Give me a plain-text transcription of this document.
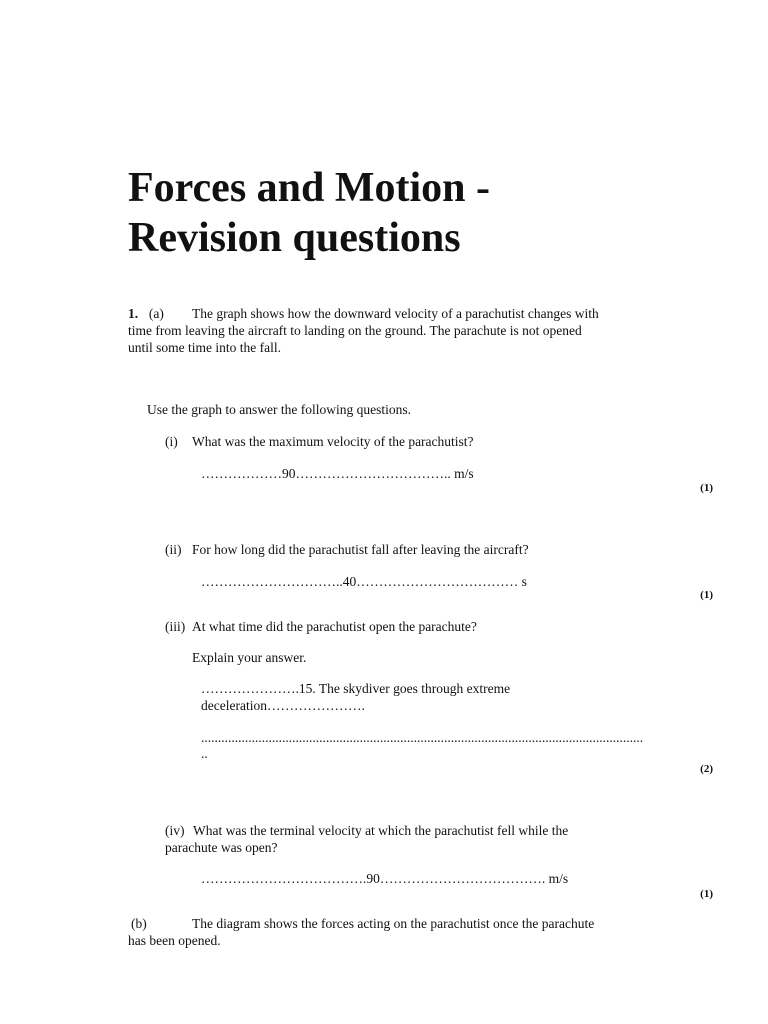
Forces and Motion -
Revision questions
1. (a) The graph shows how the downward velocity of a parachutist changes with
time from leaving the aircraft to landing on the ground. The parachute is not opened
until some time into the fall.
Use the graph to answer the following questions.
(i) What was the maximum velocity of the parachutist?
………………90…………………………….. m/s
(1)
(ii) For how long did the parachutist fall after leaving the aircraft?
…………………………..40……………………………… s
(1)
(iii) At what time did the parachutist open the parachute?
Explain your answer.
………………….15. The skydiver goes through extreme
deceleration………………….
...................................................................................................................................
..
(2)
(iv) What was the terminal velocity at which the parachutist fell while the
parachute was open?
……………………………….90………………………………. m/s
(1)
(b)	The diagram shows the forces acting on the parachutist once the parachute
has been opened.
